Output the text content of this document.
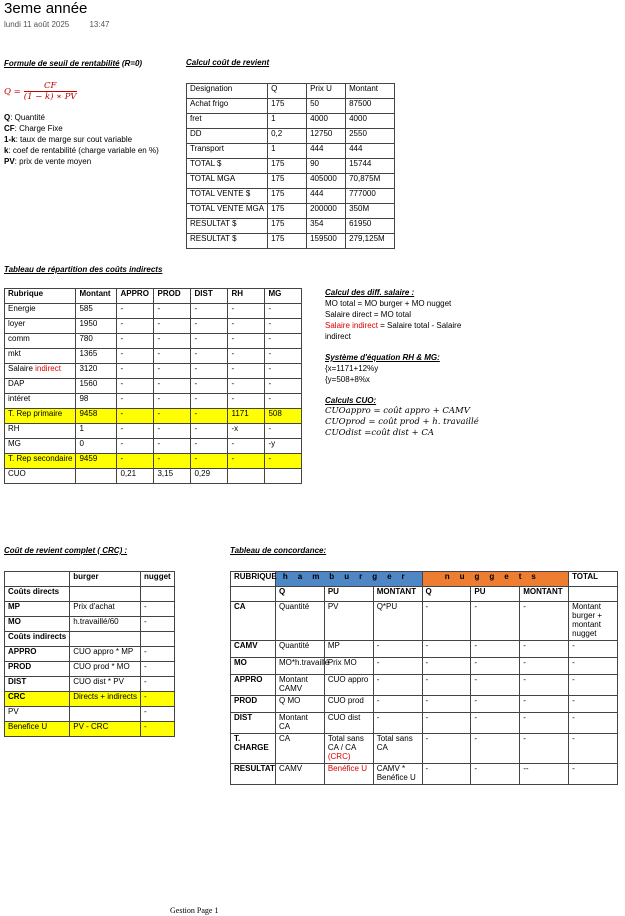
3eme année
lundi 11 août 2025	13:47
Formule de seuil de rentabilité (R=0)
$Q = \frac{CF}{(1 - k) ∗ PV}$
Q: Quantité
CF: Charge Fixe
1-k: taux de marge sur cout variable
k: coef de rentabilité (charge variable en %)
PV: prix de vente moyen
Calcul coût de revient
Designation	Q	Prix U	Montant
Achat frigo	175	50	87500
fret	1	4000	4000
DD	0,2	12750	2550
Transport	1	444	444
TOTAL $	175	90	15744
TOTAL MGA	175	405000	70,875M
TOTAL VENTE $	175	444	777000
TOTAL VENTE MGA	175	200000	350M
RESULTAT $	175	354	61950
RESULTAT $	175	159500	279,125M
Tableau de répartition des coûts indirects
Rubrique	Montant	APPRO	PROD	DIST	RH	MG
Energie	585	-	-	-	-	-
loyer	1950	-	-	-	-	-
comm	780	-	-	-	-	-
mkt	1365	-	-	-	-	-
Salaire indirect	3120	-	-	-	-	-
DAP	1560	-	-	-	-	-
intéret	98	-	-	-	-	-
T. Rep primaire	9458	-	-	-	1171	508
RH	1	-	-	-	-x	-
MG	0	-	-	-	-	-y
T. Rep secondaire	9459	-	-	-	-	-
CUO		0,21	3,15	0,29		
Calcul des diff. salaire :
MO total = MO burger + MO nugget
Salaire direct = MO total
Salaire indirect = Salaire total - Salaire indirect
Système d'équation RH & MG:
{x=1171+12%y
{y=508+8%x
Calculs CUO:
CUOappro = coût appro + CAMV
CUOprod = coût prod + h. travaillé
CUOdist =coût dist + CA
Coût de revient complet ( CRC) :
	burger	nugget
Coûts directs		
MP	Prix d'achat	-
MO	h.travaillé/60	-
Coûts indirects		
APPRO	CUO appro * MP	-
PROD	CUO prod * MO	-
DIST	CUO dist * PV	-
CRC	Directs + indirects	-
PV		-
Benefice U	PV - CRC	-
Tableau de concordance:
RUBRIQUE	hamburger			nuggets			TOTAL
	Q	PU	MONTANT	Q	PU	MONTANT	
CA	Quantité	PV	Q*PU	-	-	-	Montant burger + montant nugget
CAMV	Quantité	MP	-	-	-	-	-
MO	MO*h.travaillé	Prix MO	-	-	-	-	-
APPRO	Montant CAMV	CUO appro	-	-	-	-	-
PROD	Q MO	CUO prod	-	-	-	-	-
DIST	Montant CA	CUO dist	-	-	-	-	-
T. CHARGE	CA	Total sans CA / CA (CRC)	Total sans CA	-	-	-	-
RESULTAT	CAMV	Benéfice U	CAMV * Benéfice U	-	-	--	-
Gestion Page 1
